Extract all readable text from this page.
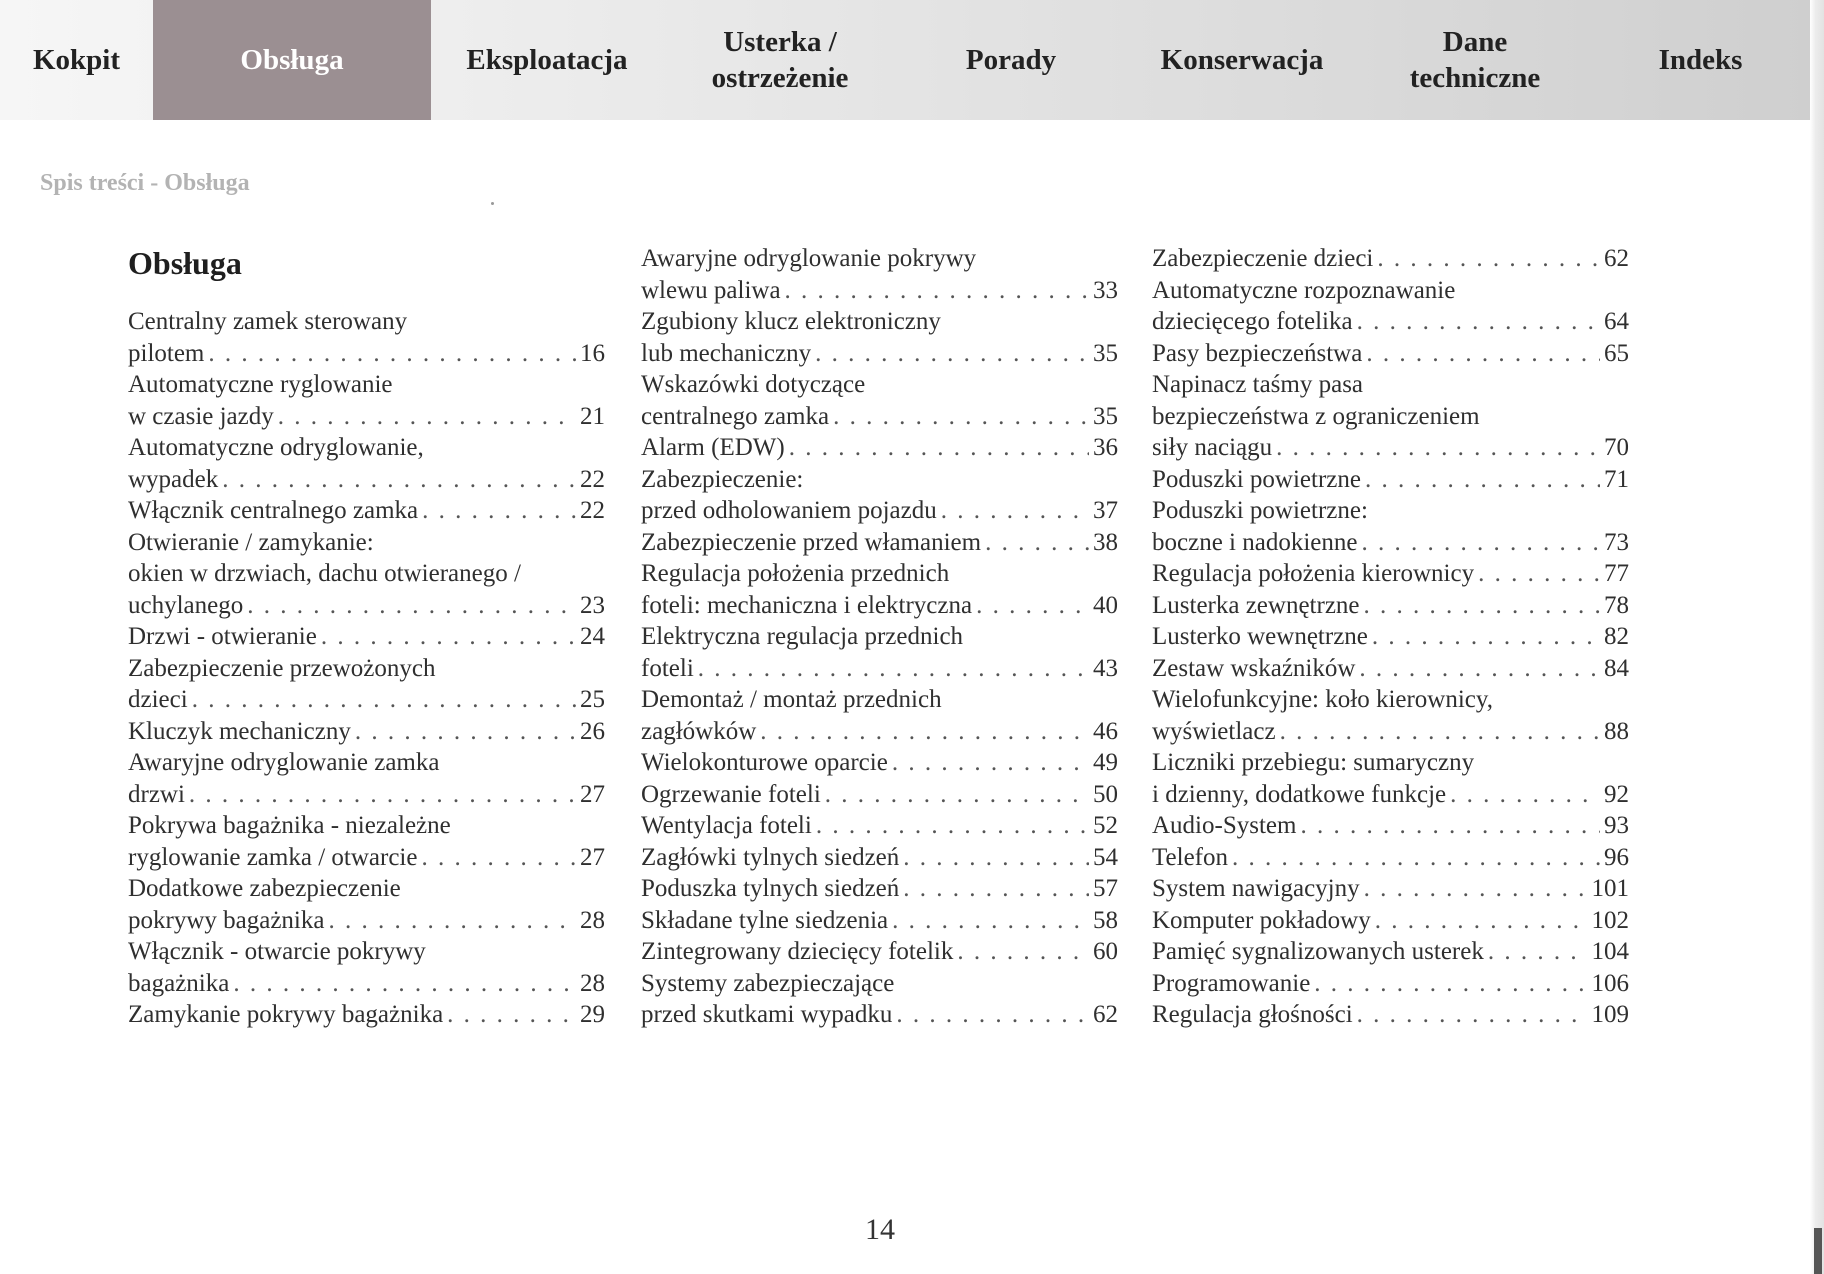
Kokpit	Obsługa	Eksploatacja
Usterka /
ostrzeżenie
Porady	Konserwacja
Dane
techniczne
Indeks
Spis treści - Obsługa
Obsługa
Centralny zamek sterowany
pilotem . . .	16
Automatyczne ryglowanie
w czasie jazdy . . .	21
Automatyczne odryglowanie,
wypadek . . .	22
Włącznik centralnego zamka . . .	22
Otwieranie / zamykanie:
okien w drzwiach, dachu otwieranego /
uchylanego . . .	23
Drzwi - otwieranie . . .	24
Zabezpieczenie przewożonych
dzieci . . .	25
Kluczyk mechaniczny . . .	26
Awaryjne odryglowanie zamka
drzwi . . .	27
Pokrywa bagażnika - niezależne
ryglowanie zamka / otwarcie . . .	27
Dodatkowe zabezpieczenie
pokrywy bagażnika . . .	28
Włącznik - otwarcie pokrywy
bagażnika . . .	28
Zamykanie pokrywy bagażnika . . .	29
Awaryjne odryglowanie pokrywy
wlewu paliwa . . .	33
Zgubiony klucz elektroniczny
lub mechaniczny . . .	35
Wskazówki dotyczące
centralnego zamka . . .	35
Alarm (EDW) . . .	36
Zabezpieczenie:
przed odholowaniem pojazdu . . .	37
Zabezpieczenie przed włamaniem . . .	38
Regulacja położenia przednich
foteli: mechaniczna i elektryczna . . .	40
Elektryczna regulacja przednich
foteli . . .	43
Demontaż / montaż przednich
zagłówków . . .	46
Wielokonturowe oparcie . . .	49
Ogrzewanie foteli . . .	50
Wentylacja foteli . . .	52
Zagłówki tylnych siedzeń . . .	54
Poduszka tylnych siedzeń . . .	57
Składane tylne siedzenia . . .	58
Zintegrowany dziecięcy fotelik . . .	60
Systemy zabezpieczające
przed skutkami wypadku . . .	62
Zabezpieczenie dzieci . . .	62
Automatyczne rozpoznawanie
dziecięcego fotelika . . .	64
Pasy bezpieczeństwa . . .	65
Napinacz taśmy pasa
bezpieczeństwa z ograniczeniem
siły naciągu . . .	70
Poduszki powietrzne . . .	71
Poduszki powietrzne:
boczne i nadokienne . . .	73
Regulacja położenia kierownicy . . .	77
Lusterka zewnętrzne . . .	78
Lusterko wewnętrzne . . .	82
Zestaw wskaźników . . .	84
Wielofunkcyjne: koło kierownicy,
wyświetlacz . . .	88
Liczniki przebiegu: sumaryczny
i dzienny, dodatkowe funkcje . . .	92
Audio-System . . .	93
Telefon . . .	96
System nawigacyjny . . .	101
Komputer pokładowy . . .	102
Pamięć sygnalizowanych usterek . . .	104
Programowanie . . .	106
Regulacja głośności . . .	109
14
